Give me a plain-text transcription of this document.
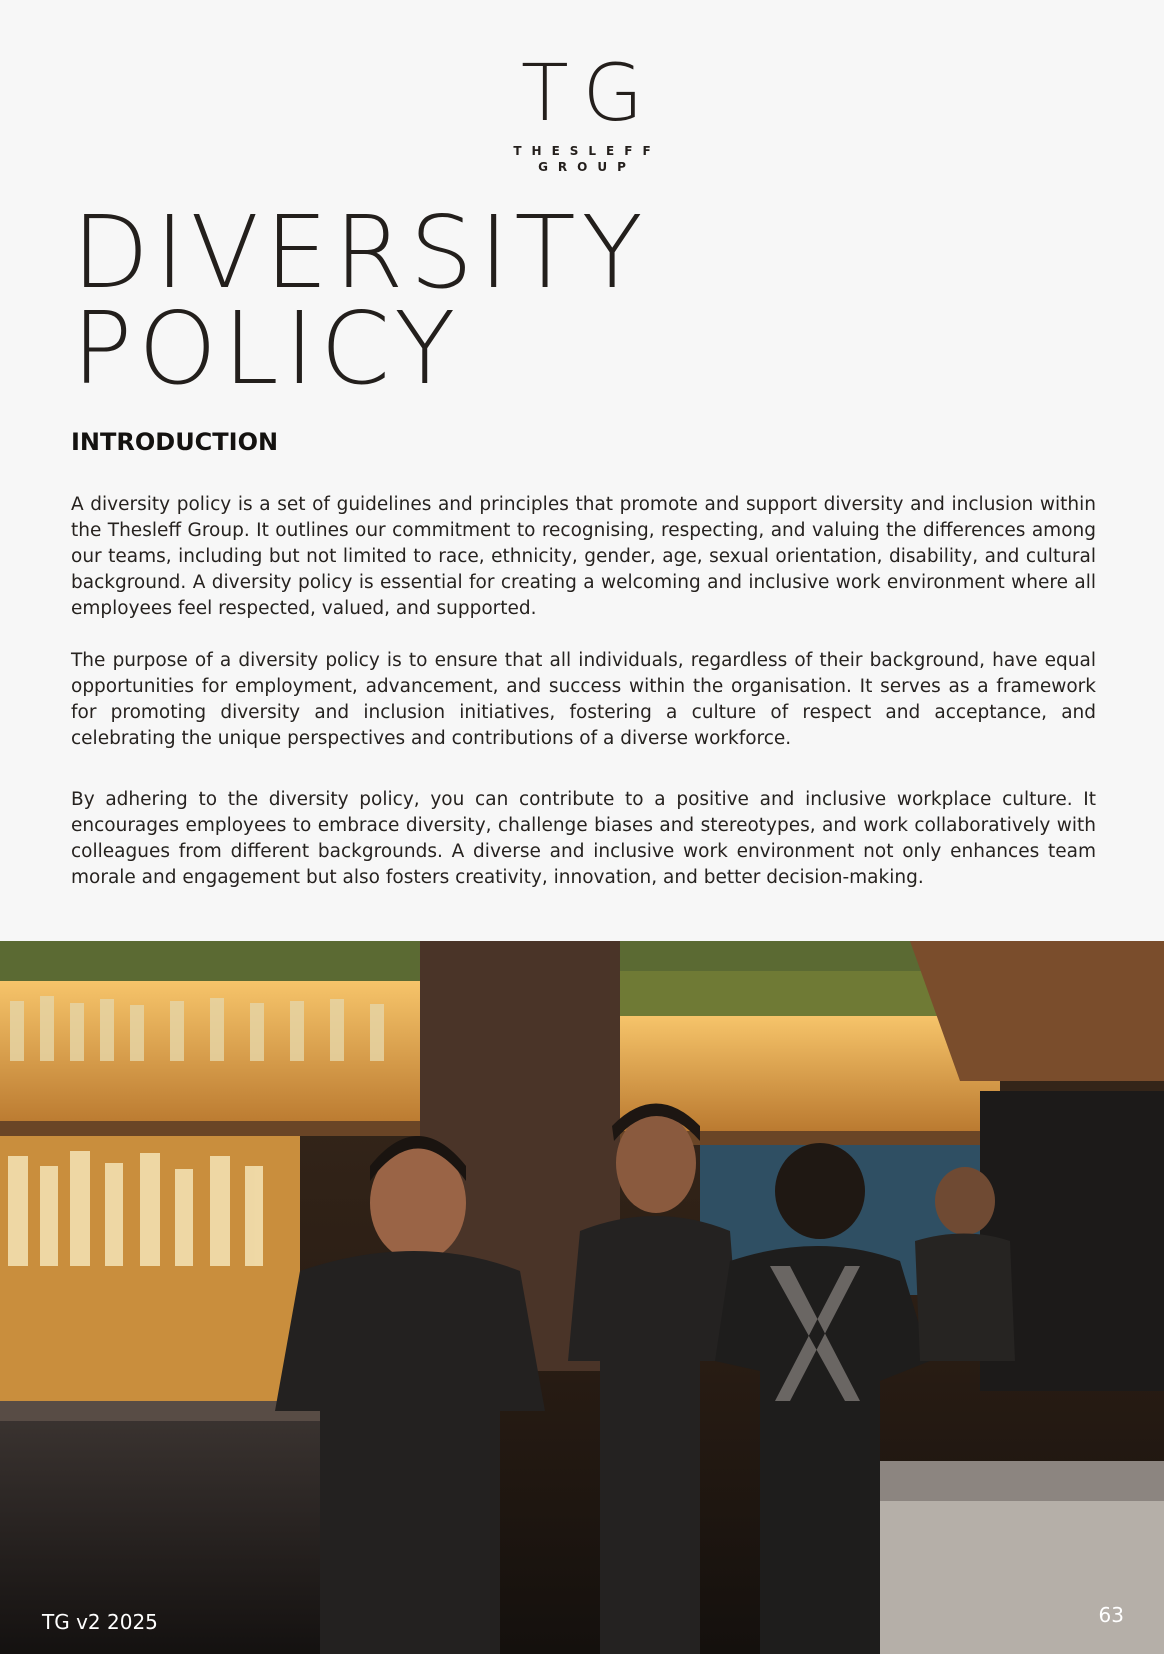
TG
THESLEFF
GROUP
DIVERSITY
POLICY
INTRODUCTION

A diversity policy is a set of guidelines and principles that promote and support diversity and inclusion within the Thesleff Group. It outlines our commitment to recognising, respecting, and valuing the differences among our teams, including but not limited to race, ethnicity, gender, age, sexual orientation, disability, and cultural background. A diversity policy is essential for creating a welcoming and inclusive work environment where all employees feel respected, valued, and supported.

The purpose of a diversity policy is to ensure that all individuals, regardless of their background, have equal opportunities for employment, advancement, and success within the organisation. It serves as a framework for promoting diversity and inclusion initiatives, fostering a culture of respect and acceptance, and celebrating the unique perspectives and contributions of a diverse workforce.

By adhering to the diversity policy, you can contribute to a positive and inclusive workplace culture. It encourages employees to embrace diversity, challenge biases and stereotypes, and work collaboratively with colleagues from different backgrounds. A diverse and inclusive work environment not only enhances team morale and engagement but also fosters creativity, innovation, and better decision-making.

TG v2 2025	63
